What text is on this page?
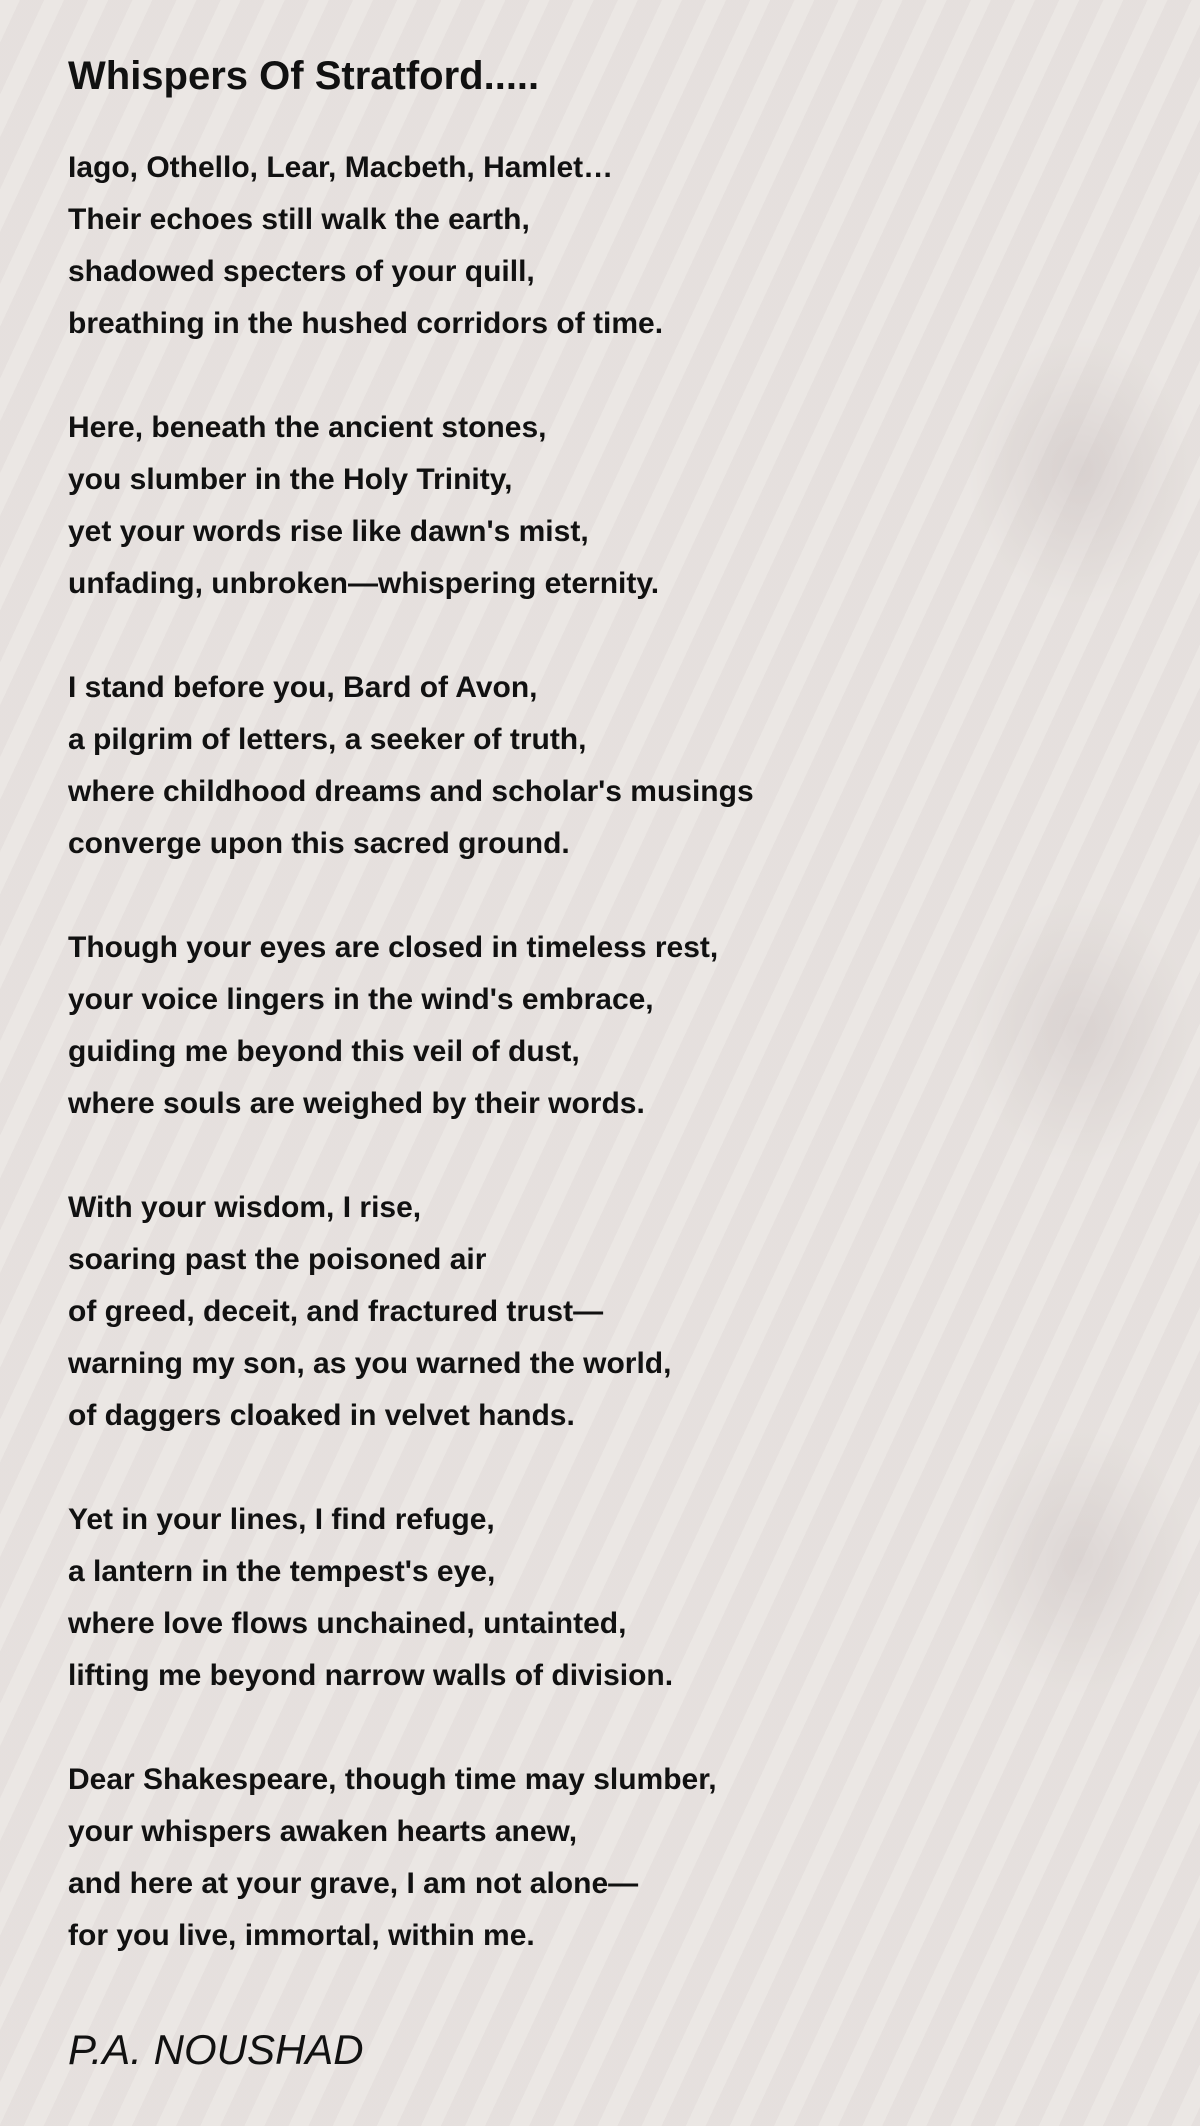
Whispers Of Stratford.....
Iago, Othello, Lear, Macbeth, Hamlet…
Their echoes still walk the earth,
shadowed specters of your quill,
breathing in the hushed corridors of time.
Here, beneath the ancient stones,
you slumber in the Holy Trinity,
yet your words rise like dawn's mist,
unfading, unbroken—whispering eternity.
I stand before you, Bard of Avon,
a pilgrim of letters, a seeker of truth,
where childhood dreams and scholar's musings
converge upon this sacred ground.
Though your eyes are closed in timeless rest,
your voice lingers in the wind's embrace,
guiding me beyond this veil of dust,
where souls are weighed by their words.
With your wisdom, I rise,
soaring past the poisoned air
of greed, deceit, and fractured trust—
warning my son, as you warned the world,
of daggers cloaked in velvet hands.
Yet in your lines, I find refuge,
a lantern in the tempest's eye,
where love flows unchained, untainted,
lifting me beyond narrow walls of division.
Dear Shakespeare, though time may slumber,
your whispers awaken hearts anew,
and here at your grave, I am not alone—
for you live, immortal, within me.
P.A. NOUSHAD
